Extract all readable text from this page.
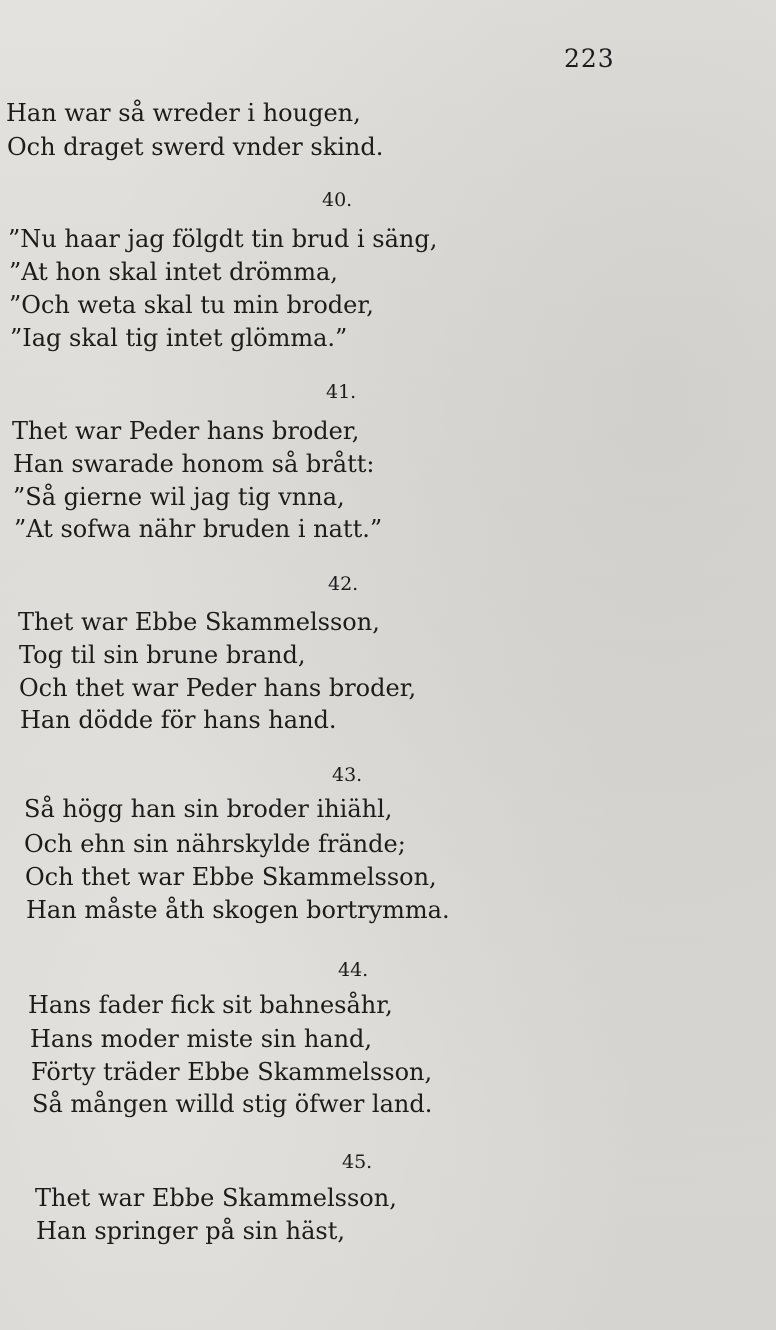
223
Han war så wreder i hougen,
Och draget swerd vnder skind.
40.
”Nu haar jag fölgdt tin brud i säng,
”At hon skal intet drömma,
”Och weta skal tu min broder,
”Iag skal tig intet glömma.”
41.
Thet war Peder hans broder,
Han swarade honom så brått:
”Så gierne wil jag tig vnna,
”At sofwa nähr bruden i natt.”
42.
Thet war Ebbe Skammelsson,
Tog til sin brune brand,
Och thet war Peder hans broder,
Han dödde för hans hand.
43.
Så högg han sin broder ihiähl,
Och ehn sin nährskylde frände;
Och thet war Ebbe Skammelsson,
Han måste åth skogen bortrymma.
44.
Hans fader fick sit bahnesåhr,
Hans moder miste sin hand,
Förty träder Ebbe Skammelsson,
Så mången willd stig öfwer land.
45.
Thet war Ebbe Skammelsson,
Han springer på sin häst,
